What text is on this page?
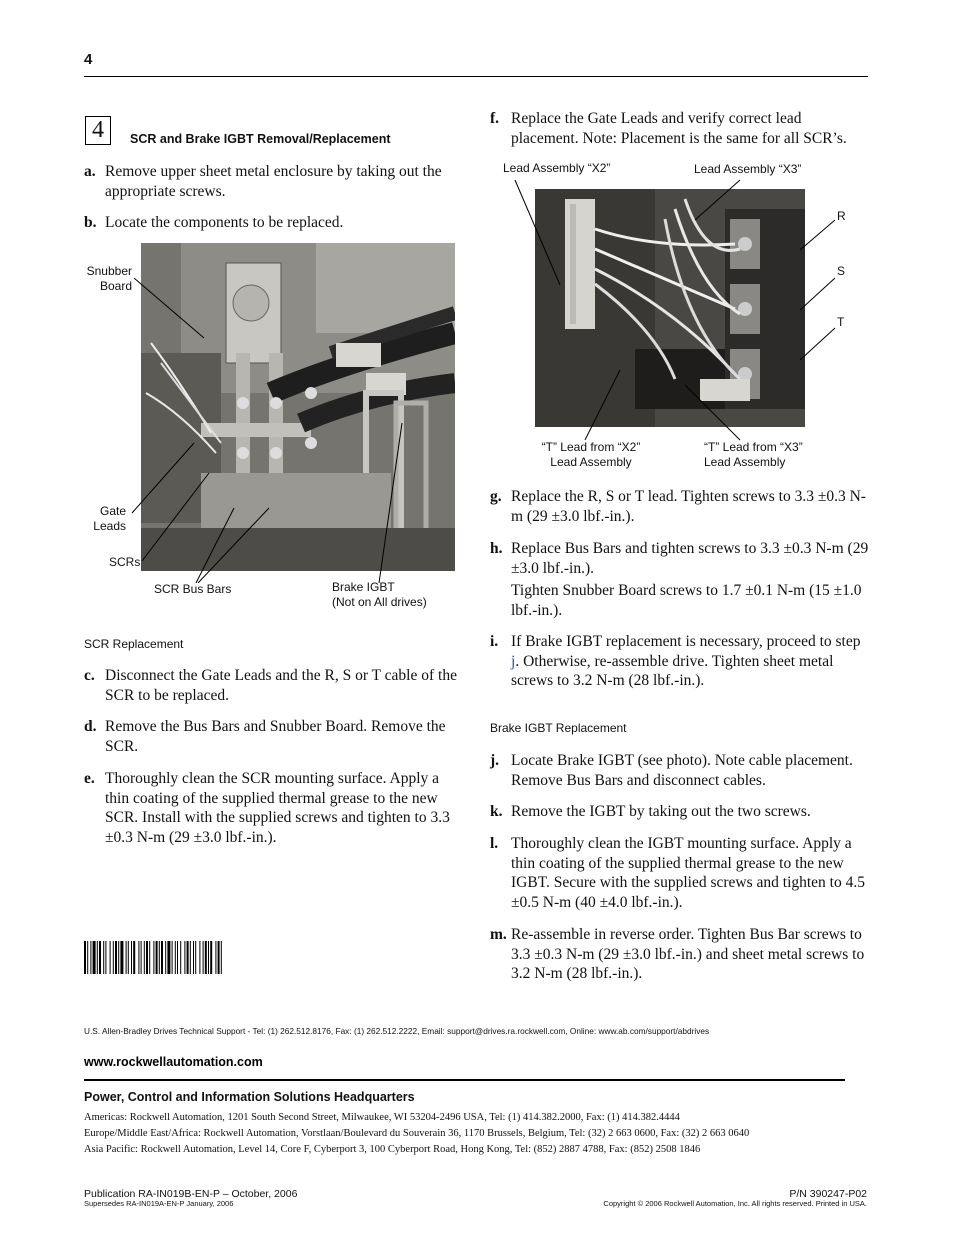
4
4	SCR and Brake IGBT Removal/Replacement
a. Remove upper sheet metal enclosure by taking out the appropriate screws.
b. Locate the components to be replaced.
Snubber
Board
Gate
Leads
SCRs
SCR Bus Bars	Brake IGBT
(Not on All drives)
SCR Replacement
c. Disconnect the Gate Leads and the R, S or T cable of the SCR to be replaced.
d. Remove the Bus Bars and Snubber Board. Remove the SCR.
e. Thoroughly clean the SCR mounting surface. Apply a thin coating of the supplied thermal grease to the new SCR. Install with the supplied screws and tighten to 3.3 ±0.3 N-m (29 ±3.0 lbf.-in.).
f. Replace the Gate Leads and verify correct lead placement. Note: Placement is the same for all SCR’s.
Lead Assembly “X2”	Lead Assembly “X3”
R
S
T
“T” Lead from “X2”
Lead Assembly
“T” Lead from “X3”
Lead Assembly
g. Replace the R, S or T lead. Tighten screws to 3.3 ±0.3 N-m (29 ±3.0 lbf.-in.).
h. Replace Bus Bars and tighten screws to 3.3 ±0.3 N-m (29 ±3.0 lbf.-in.).
Tighten Snubber Board screws to 1.7 ±0.1 N-m (15 ±1.0 lbf.-in.).
i. If Brake IGBT replacement is necessary, proceed to step j. Otherwise, re-assemble drive. Tighten sheet metal screws to 3.2 N-m (28 lbf.-in.).
Brake IGBT Replacement
j. Locate Brake IGBT (see photo). Note cable placement. Remove Bus Bars and disconnect cables.
k. Remove the IGBT by taking out the two screws.
l. Thoroughly clean the IGBT mounting surface. Apply a thin coating of the supplied thermal grease to the new IGBT. Secure with the supplied screws and tighten to 4.5 ±0.5 N-m (40 ±4.0 lbf.-in.).
m. Re-assemble in reverse order. Tighten Bus Bar screws to 3.3 ±0.3 N-m (29 ±3.0 lbf.-in.) and sheet metal screws to 3.2 N-m (28 lbf.-in.).
U.S. Allen-Bradley Drives Technical Support - Tel: (1) 262.512.8176, Fax: (1) 262.512.2222, Email: support@drives.ra.rockwell.com, Online: www.ab.com/support/abdrives
www.rockwellautomation.com
Power, Control and Information Solutions Headquarters
Americas: Rockwell Automation, 1201 South Second Street, Milwaukee, WI 53204-2496 USA, Tel: (1) 414.382.2000, Fax: (1) 414.382.4444
Europe/Middle East/Africa: Rockwell Automation, Vorstlaan/Boulevard du Souverain 36, 1170 Brussels, Belgium, Tel: (32) 2 663 0600, Fax: (32) 2 663 0640
Asia Pacific: Rockwell Automation, Level 14, Core F, Cyberport 3, 100 Cyberport Road, Hong Kong, Tel: (852) 2887 4788, Fax: (852) 2508 1846
Publication RA-IN019B-EN-P – October, 2006
Supersedes RA-IN019A-EN-P January, 2006
P/N 390247-P02
Copyright © 2006 Rockwell Automation, Inc. All rights reserved. Printed in USA.
